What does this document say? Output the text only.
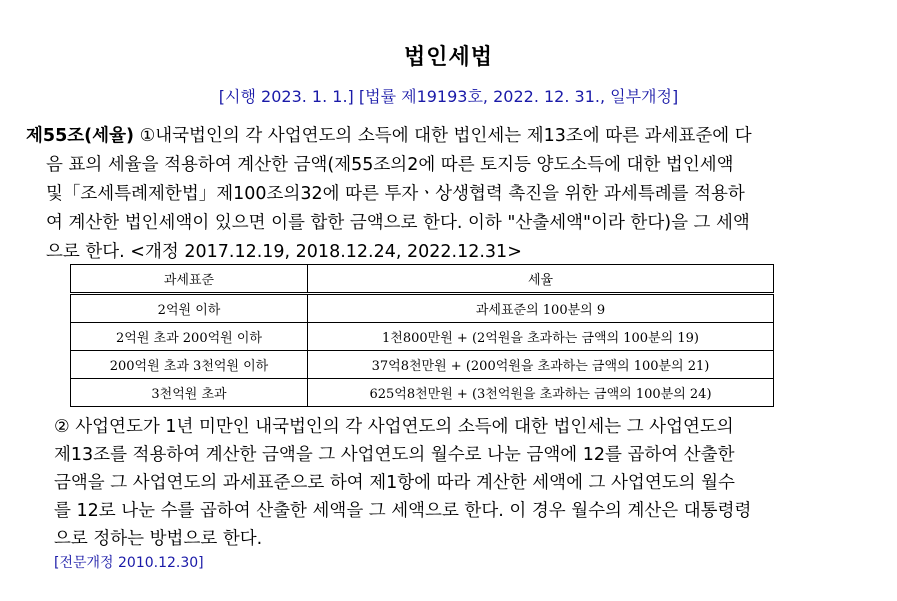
법인세법
[시행 2023. 1. 1.] [법률 제19193호, 2022. 12. 31., 일부개정]
제55조(세율) ①내국법인의 각 사업연도의 소득에 대한 법인세는 제13조에 따른 과세표준에 다
음 표의 세율을 적용하여 계산한 금액(제55조의2에 따른 토지등 양도소득에 대한 법인세액
및「조세특례제한법」제100조의32에 따른 투자ㆍ상생협력 촉진을 위한 과세특례를 적용하
여 계산한 법인세액이 있으면 이를 합한 금액으로 한다. 이하 "산출세액"이라 한다)을 그 세액
으로 한다. <개정 2017.12.19, 2018.12.24, 2022.12.31>
과세표준	세율
2억원 이하	과세표준의 100분의 9
2억원 초과 200억원 이하	1천800만원 + (2억원을 초과하는 금액의 100분의 19)
200억원 초과 3천억원 이하	37억8천만원 + (200억원을 초과하는 금액의 100분의 21)
3천억원 초과	625억8천만원 + (3천억원을 초과하는 금액의 100분의 24)
② 사업연도가 1년 미만인 내국법인의 각 사업연도의 소득에 대한 법인세는 그 사업연도의
제13조를 적용하여 계산한 금액을 그 사업연도의 월수로 나눈 금액에 12를 곱하여 산출한
금액을 그 사업연도의 과세표준으로 하여 제1항에 따라 계산한 세액에 그 사업연도의 월수
를 12로 나눈 수를 곱하여 산출한 세액을 그 세액으로 한다. 이 경우 월수의 계산은 대통령령
으로 정하는 방법으로 한다.
[전문개정 2010.12.30]
